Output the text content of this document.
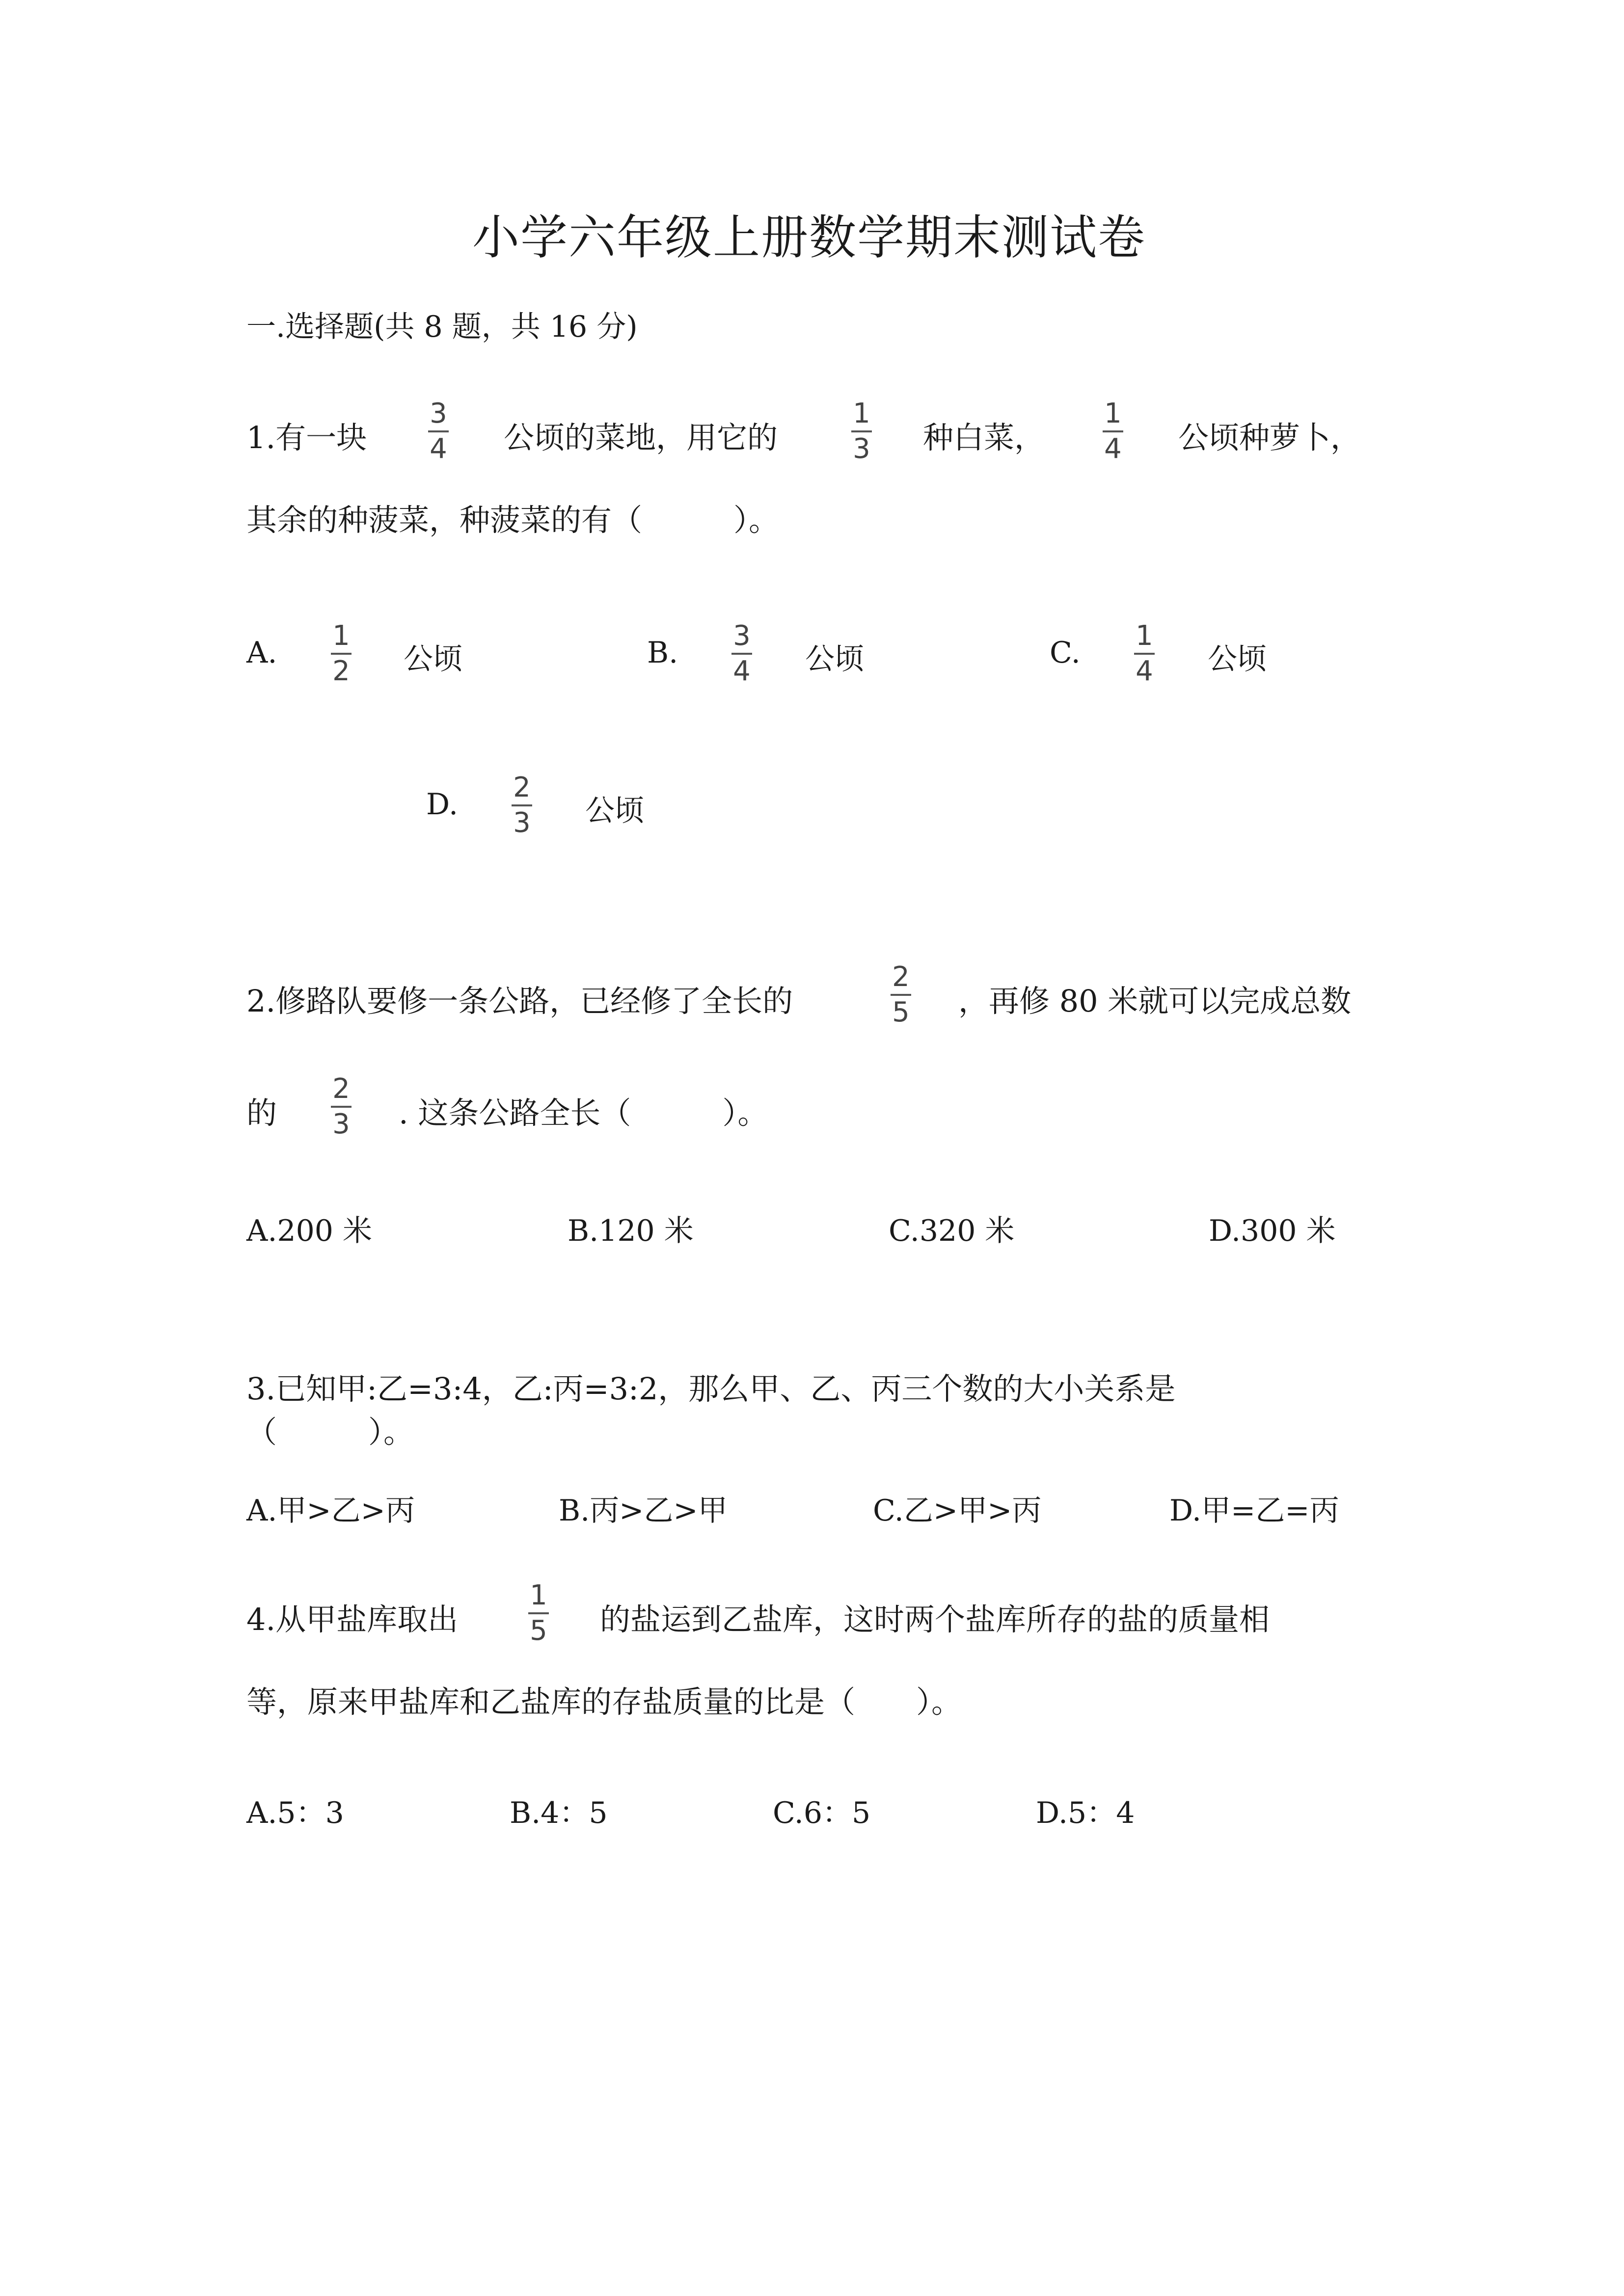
小学六年级上册数学期末测试卷
一.选择题(共 8 题，共 16 分)
1.有一块
3
4 公顷的菜地，用它的
1
3 种白菜，
1
4 公顷种萝卜，
其余的种菠菜，种菠菜的有（　　　）。
A.	1
2 公顷	B.	3
4 公顷	C.	1
4 公顷
D.	2
3 公顷
2.修路队要修一条公路，已经修了全长的
2
5 ，再修 80 米就可以完成总数
的
2
3 . 这条公路全长（　　　）。
A.200 米	B.120 米	C.320 米	D.300 米
3.已知甲:乙=3:4，乙:丙=3:2，那么甲、乙、丙三个数的大小关系是
（　　　）。
A.甲>乙>丙	B.丙>乙>甲	C.乙>甲>丙	D.甲=乙=丙
4.从甲盐库取出
1
5 的盐运到乙盐库，这时两个盐库所存的盐的质量相
等，原来甲盐库和乙盐库的存盐质量的比是（　　）。
A.5：3	B.4：5	C.6：5	D.5：4
